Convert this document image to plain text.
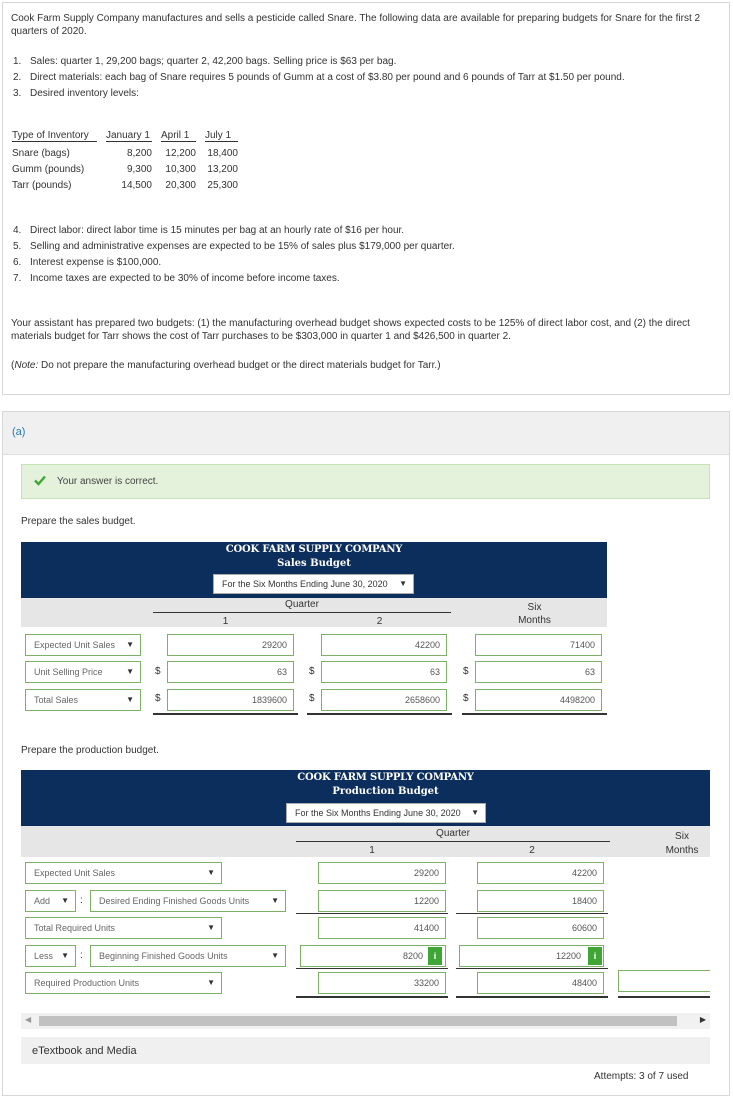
Cook Farm Supply Company manufactures and sells a pesticide called Snare. The following data are available for preparing budgets for Snare for the first 2 quarters of 2020.
1. Sales: quarter 1, 29,200 bags; quarter 2, 42,200 bags. Selling price is $63 per bag.
2. Direct materials: each bag of Snare requires 5 pounds of Gumm at a cost of $3.80 per pound and 6 pounds of Tarr at $1.50 per pound.
3. Desired inventory levels:
Type of Inventory	January 1 April 1	July 1
Snare (bags)	8,200	12,200	18,400
Gumm (pounds)	9,300	10,300	13,200
Tarr (pounds)	14,500	20,300	25,300
4. Direct labor: direct labor time is 15 minutes per bag at an hourly rate of $16 per hour.
5. Selling and administrative expenses are expected to be 15% of sales plus $179,000 per quarter.
6. Interest expense is $100,000.
7. Income taxes are expected to be 30% of income before income taxes.
Your assistant has prepared two budgets: (1) the manufacturing overhead budget shows expected costs to be 125% of direct labor cost, and (2) the direct materials budget for Tarr shows the cost of Tarr purchases to be $303,000 in quarter 1 and $426,500 in quarter 2.
(Note: Do not prepare the manufacturing overhead budget or the direct materials budget for Tarr.)
(a)
Your answer is correct.
Prepare the sales budget.
COOK FARM SUPPLY COMPANY
Sales Budget
For the Six Months Ending June 30, 2020 ▼
Quarter
1	2
Six
Months
Expected Unit Sales ▼	29200	42200	71400
Unit Selling Price	▼ $	63	$	63	$	63
Total Sales	▼ $	1839600	$	2658600	$	4498200
Prepare the production budget.
COOK FARM SUPPLY COMPANY
Production Budget
For the Six Months Ending June 30, 2020 ▼
Quarter
1	2
Six
Months
Expected Unit Sales	▼	29200	42200
Add ▼ :	Desired Ending Finished Goods Units	▼	12200	18400
Total Required Units	▼	41400	60600
Less ▼ :	Beginning Finished Goods Units	▼	8200	i	12200	i
Required Production Units	▼	33200	48400
◀	▶
eTextbook and Media
Attempts: 3 of 7 used
